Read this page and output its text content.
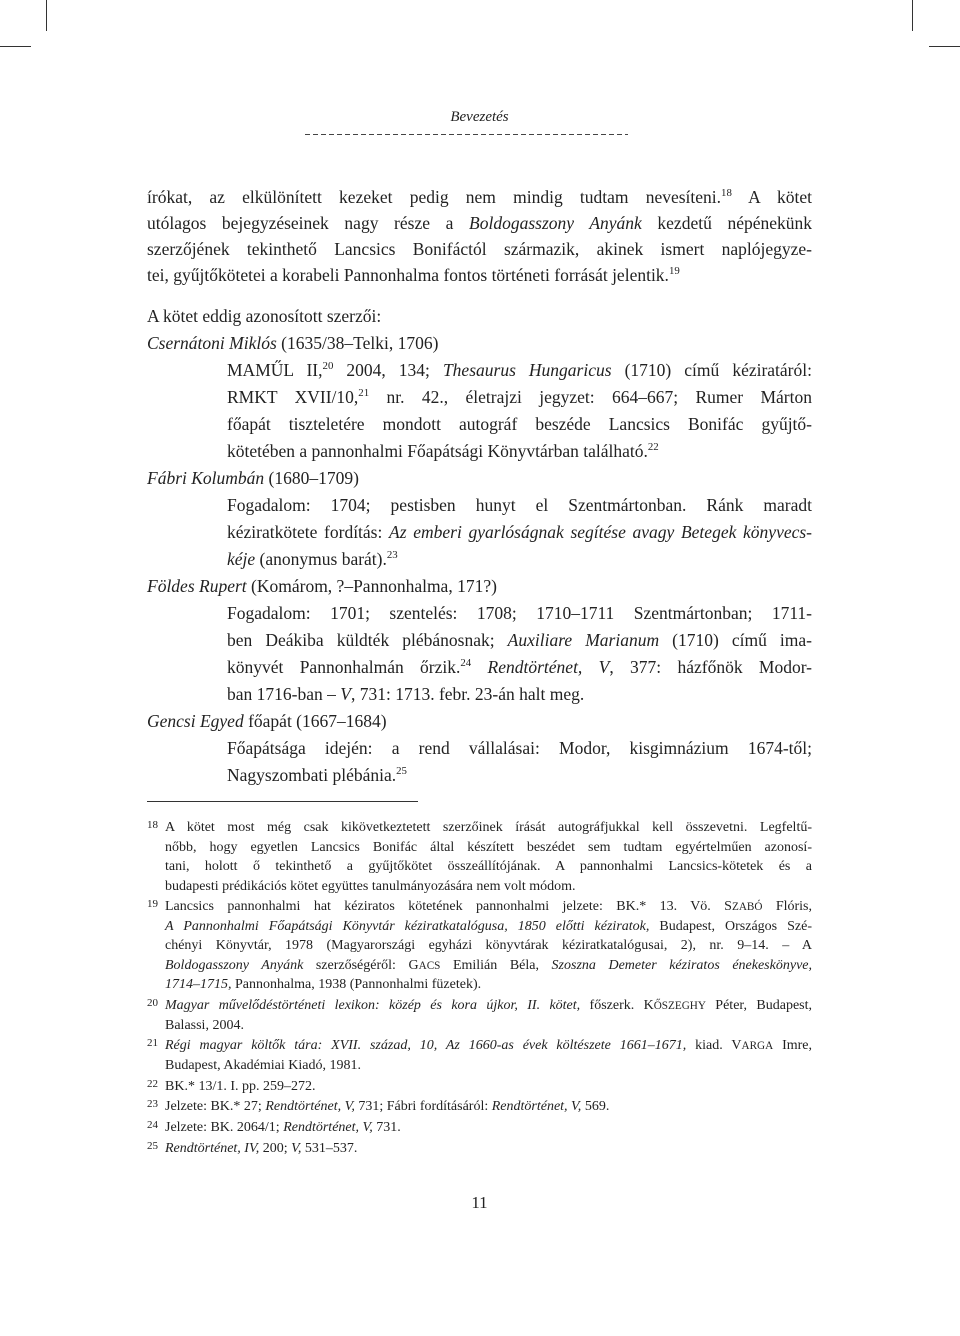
Bevezetés
írókat, az elkülönített kezeket pedig nem mindig tudtam nevesíteni.$^{18}$ A kötet
utólagos bejegyzéseinek nagy része a Boldogasszony Anyánk kezdetű népénekünk
szerzőjének tekinthető Lancsics Bonifáctól származik, akinek ismert naplójegyze-
tei, gyűjtőkötetei a korabeli Pannonhalma fontos történeti forrását jelentik.$^{19}$
A kötet eddig azonosított szerzői:
Csernátoni Miklós (1635/38–Telki, 1706)
MAMŰL II,$^{20}$ 2004, 134; Thesaurus Hungaricus (1710) című kéziratáról:
RMKT XVII/10,21 nr. 42., életrajzi jegyzet: 664–667; Rumer Márton
főapát tiszteletére mondott autográf beszéde Lancsics Bonifác gyűjtő-
kötetében a pannonhalmi Főapátsági Könyvtárban található.$^{22}$
Fábri Kolumbán (1680–1709)
Fogadalom: 1704; pestisben hunyt el Szentmártonban. Ránk maradt
kéziratkötete fordítás: Az emberi gyarlóságnak segítése avagy Betegek könyvecs-
kéje (anonymus barát).$^{23}$
Földes Rupert (Komárom, ?–Pannonhalma, 171?)
Fogadalom: 1701; szentelés: 1708; 1710–1711 Szentmártonban; 1711-
ben Deákiba küldték plébánosnak; Auxiliare Marianum (1710) című ima-
könyvét Pannonhalmán őrzik.$^{24}$ Rendtörténet, V, 377: házfőnök Modor-
ban 1716-ban – V, 731: 1713. febr. 23-án halt meg.
Gencsi Egyed főapát (1667–1684)
Főapátsága idején: a rend vállalásai: Modor, kisgimnázium 1674-től;
Nagyszombati plébánia.$^{25}$
18 A kötet most még csak kikövetkeztetett szerzőinek írását autográfjukkal kell összevetni. Legfeltű-
nőbb, hogy egyetlen Lancsics Bonifác által készített beszédet sem tudtam egyértelműen azonosí-
tani, holott ő tekinthető a gyűjtőkötet összeállítójának. A pannonhalmi Lancsics-kötetek és a
budapesti prédikációs kötet együttes tanulmányozására nem volt módom.
19 Lancsics pannonhalmi hat kéziratos kötetének pannonhalmi jelzete: BK.* 13. Vö. SZABÓ Flóris,
A Pannonhalmi Főapátsági Könyvtár kéziratkatalógusa, 1850 előtti kéziratok, Budapest, Országos Szé-
chényi Könyvtár, 1978 (Magyarországi egyházi könyvtárak kéziratkatalógusai, 2), nr. 9–14. – A
Boldogasszony Anyánk szerzőségéről: GACS Emilián Béla, Szoszna Demeter kéziratos énekeskönyve,
1714–1715, Pannonhalma, 1938 (Pannonhalmi füzetek).
20 Magyar művelődéstörténeti lexikon: közép és kora újkor, II. kötet, főszerk. KŐSZEGHY Péter, Budapest,
Balassi, 2004.
21 Régi magyar költők tára: XVII. század, 10, Az 1660-as évek költészete 1661–1671, kiad. VARGA Imre,
Budapest, Akadémiai Kiadó, 1981.
22 BK.* 13/1. I. pp. 259–272.
23 Jelzete: BK.* 27; Rendtörténet, V, 731; Fábri fordításáról: Rendtörténet, V, 569.
24 Jelzete: BK. 2064/1; Rendtörténet, V, 731.
25 Rendtörténet, IV, 200; V, 531–537.
11
